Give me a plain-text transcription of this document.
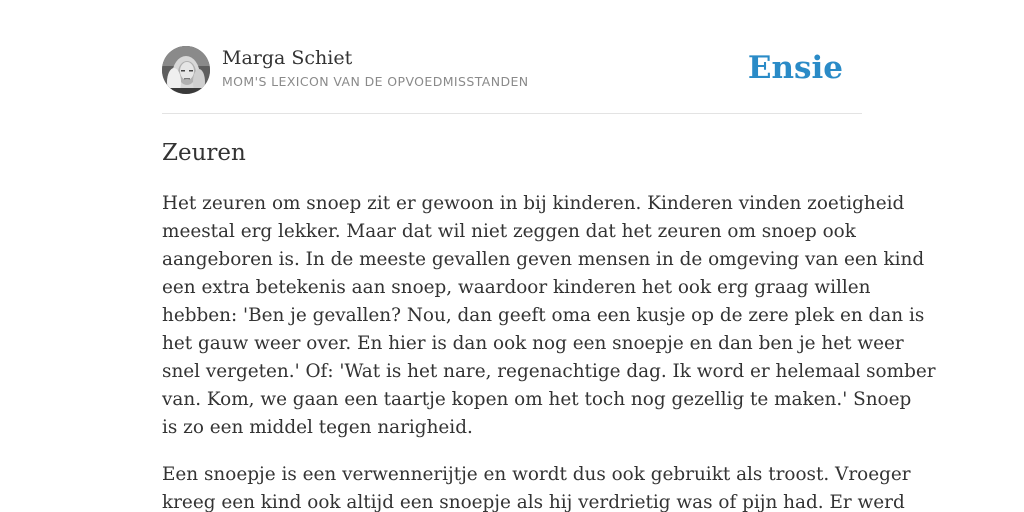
Marga Schiet
MOM'S LEXICON VAN DE OPVOEDMISSTANDEN	Ensie
Zeuren

Het zeuren om snoep zit er gewoon in bij kinderen. Kinderen vinden zoetigheid
meestal erg lekker. Maar dat wil niet zeggen dat het zeuren om snoep ook
aangeboren is. In de meeste gevallen geven mensen in de omgeving van een kind
een extra betekenis aan snoep, waardoor kinderen het ook erg graag willen
hebben: 'Ben je gevallen? Nou, dan geeft oma een kusje op de zere plek en dan is
het gauw weer over. En hier is dan ook nog een snoepje en dan ben je het weer
snel vergeten.' Of: 'Wat is het nare, regenachtige dag. Ik word er helemaal somber
van. Kom, we gaan een taartje kopen om het toch nog gezellig te maken.' Snoep
is zo een middel tegen narigheid.

Een snoepje is een verwennerijtje en wordt dus ook gebruikt als troost. Vroeger
kreeg een kind ook altijd een snoepje als hij verdrietig was of pijn had. Er werd
